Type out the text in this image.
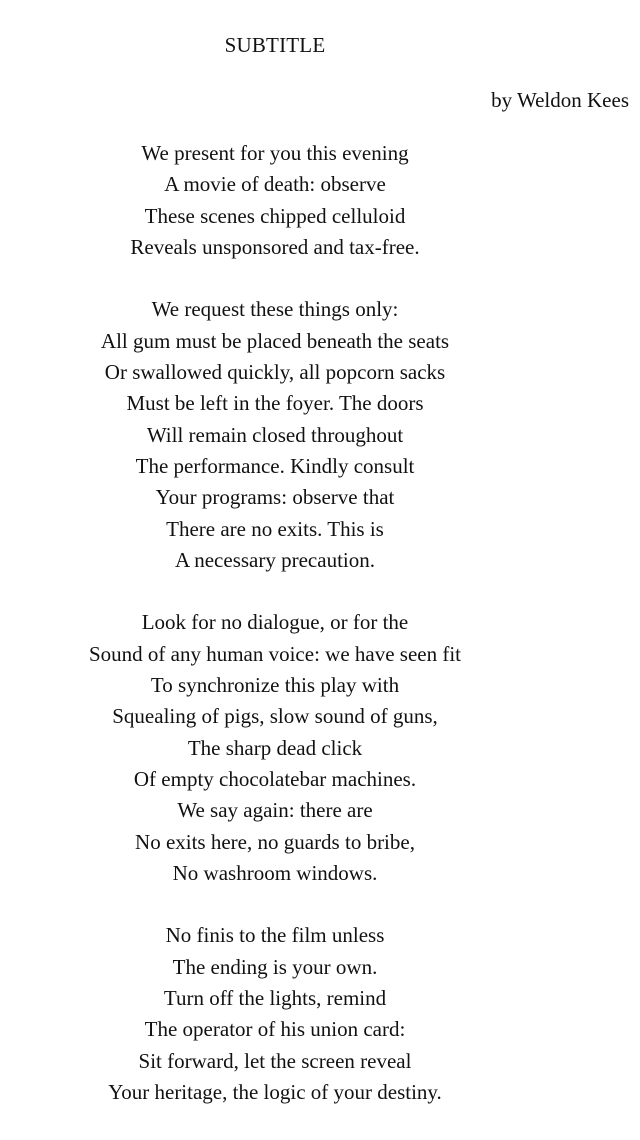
SUBTITLE
by Weldon Kees
We present for you this evening
A movie of death: observe
These scenes chipped celluloid
Reveals unsponsored and tax-free.
We request these things only:
All gum must be placed beneath the seats
Or swallowed quickly, all popcorn sacks
Must be left in the foyer. The doors
Will remain closed throughout
The performance. Kindly consult
Your programs: observe that
There are no exits. This is
A necessary precaution.
Look for no dialogue, or for the
Sound of any human voice: we have seen fit
To synchronize this play with
Squealing of pigs, slow sound of guns,
The sharp dead click
Of empty chocolatebar machines.
We say again: there are
No exits here, no guards to bribe,
No washroom windows.
No finis to the film unless
The ending is your own.
Turn off the lights, remind
The operator of his union card:
Sit forward, let the screen reveal
Your heritage, the logic of your destiny.
